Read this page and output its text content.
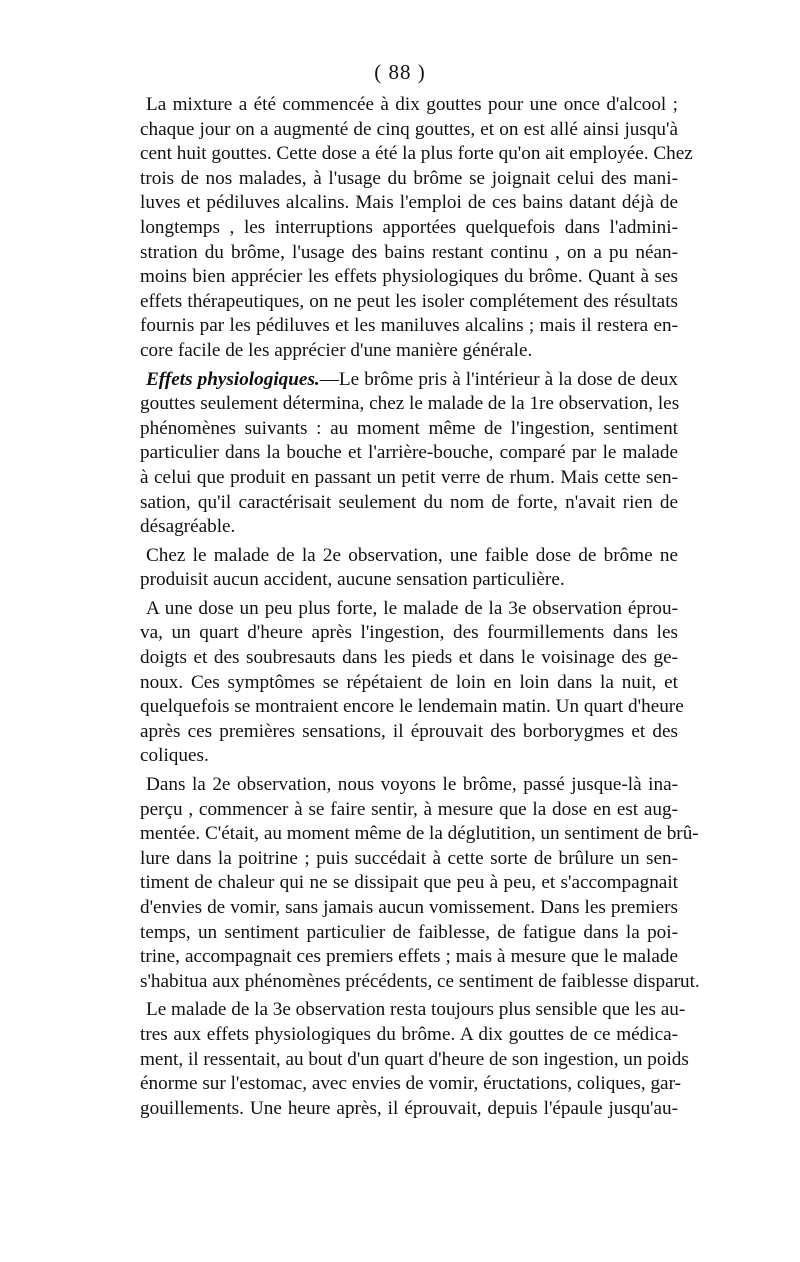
( 88 )
La mixture a été commencée à dix gouttes pour une once d'alcool ;
chaque jour on a augmenté de cinq gouttes, et on est allé ainsi jusqu'à
cent huit gouttes. Cette dose a été la plus forte qu'on ait employée. Chez
trois de nos malades, à l'usage du brôme se joignait celui des mani-
luves et pédiluves alcalins. Mais l'emploi de ces bains datant déjà de
longtemps , les interruptions apportées quelquefois dans l'admini-
stration du brôme, l'usage des bains restant continu , on a pu néan-
moins bien apprécier les effets physiologiques du brôme. Quant à ses
effets thérapeutiques, on ne peut les isoler complétement des résultats
fournis par les pédiluves et les maniluves alcalins ; mais il restera en-
core facile de les apprécier d'une manière générale.
Effets physiologiques.—Le brôme pris à l'intérieur à la dose de deux
gouttes seulement détermina, chez le malade de la 1re observation, les
phénomènes suivants : au moment même de l'ingestion, sentiment
particulier dans la bouche et l'arrière-bouche, comparé par le malade
à celui que produit en passant un petit verre de rhum. Mais cette sen-
sation, qu'il caractérisait seulement du nom de forte, n'avait rien de
désagréable.
Chez le malade de la 2e observation, une faible dose de brôme ne
produisit aucun accident, aucune sensation particulière.
A une dose un peu plus forte, le malade de la 3e observation éprou-
va, un quart d'heure après l'ingestion, des fourmillements dans les
doigts et des soubresauts dans les pieds et dans le voisinage des ge-
noux. Ces symptômes se répétaient de loin en loin dans la nuit, et
quelquefois se montraient encore le lendemain matin. Un quart d'heure
après ces premières sensations, il éprouvait des borborygmes et des
coliques.
Dans la 2e observation, nous voyons le brôme, passé jusque-là ina-
perçu , commencer à se faire sentir, à mesure que la dose en est aug-
mentée. C'était, au moment même de la déglutition, un sentiment de brû-
lure dans la poitrine ; puis succédait à cette sorte de brûlure un sen-
timent de chaleur qui ne se dissipait que peu à peu, et s'accompagnait
d'envies de vomir, sans jamais aucun vomissement. Dans les premiers
temps, un sentiment particulier de faiblesse, de fatigue dans la poi-
trine, accompagnait ces premiers effets ; mais à mesure que le malade
s'habitua aux phénomènes précédents, ce sentiment de faiblesse disparut.
Le malade de la 3e observation resta toujours plus sensible que les au-
tres aux effets physiologiques du brôme. A dix gouttes de ce médica-
ment, il ressentait, au bout d'un quart d'heure de son ingestion, un poids
énorme sur l'estomac, avec envies de vomir, éructations, coliques, gar-
gouillements. Une heure après, il éprouvait, depuis l'épaule jusqu'au-
